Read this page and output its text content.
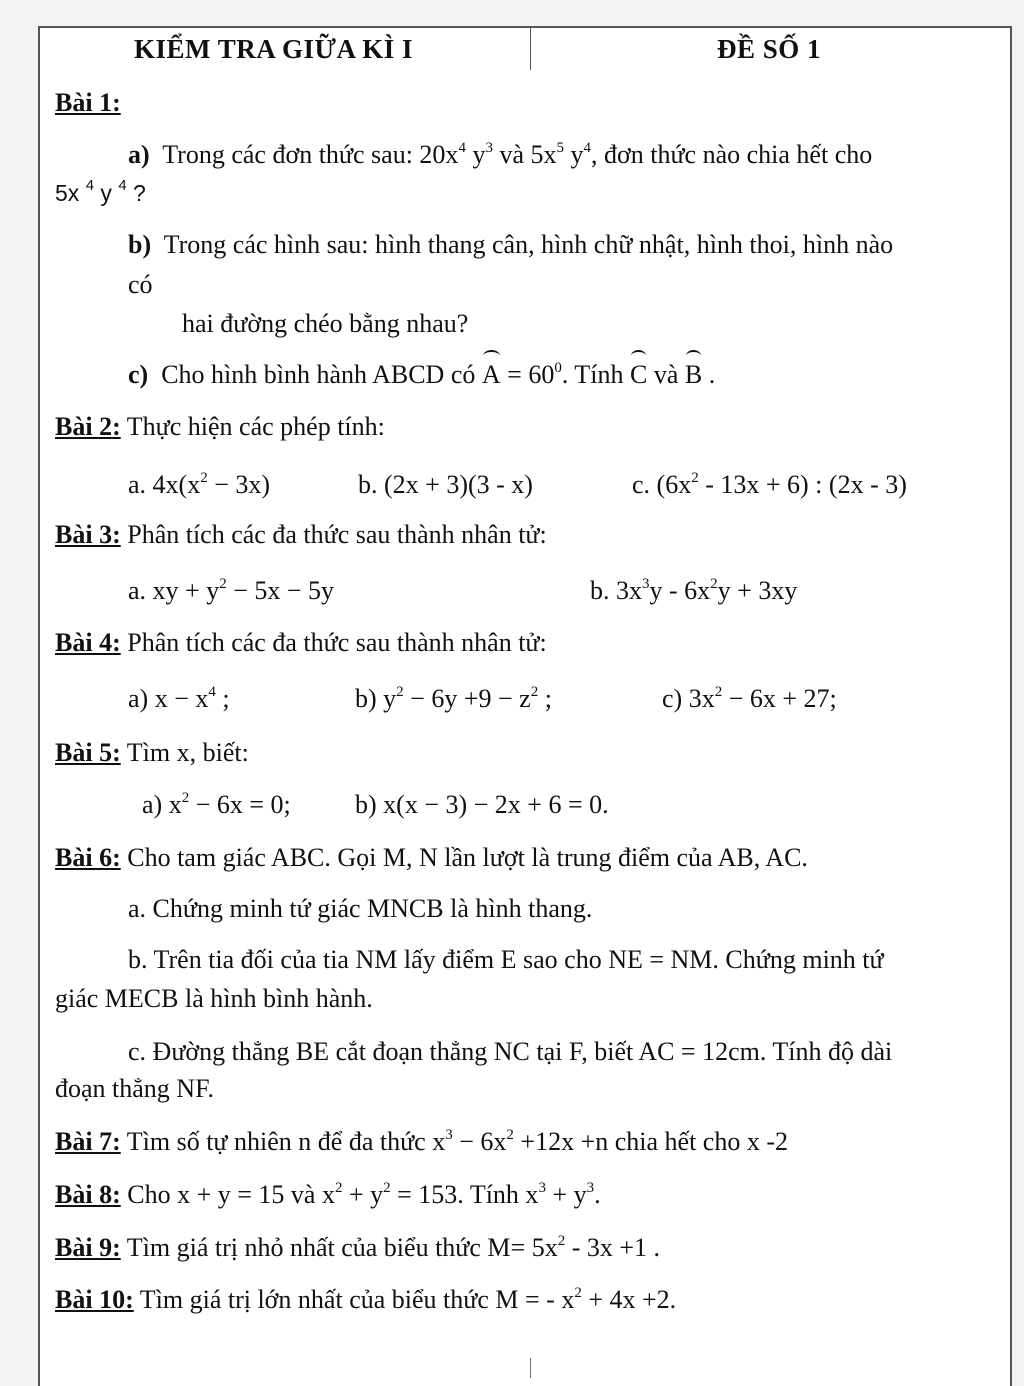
KIỂM TRA GIỮA KÌ I	ĐỀ SỐ 1
Bài 1:
a) Trong các đơn thức sau: $20x^4$ $y^3$ và $5x^5$ $y^4$, đơn thức nào chia hết cho
5x $^4$ y $^4$ ?
b) Trong các hình sau: hình thang cân, hình chữ nhật, hình thoi, hình nào
có
hai đường chéo bằng nhau?
c) Cho hình bình hành ABCD có $A = 60^0$. Tính C và B .
Bài 2: Thực hiện các phép tính:
a. $4x(x^2 - 3x)$	b. (2x + 3)(3 - x)	c. $(6x^2 - 13x + 6)$ : (2x - 3)
Bài 3: Phân tích các đa thức sau thành nhân tử:
a. xy + $y^2 - 5x - 5y$	b. $3x^3y - 6x^2y + 3xy$
Bài 4: Phân tích các đa thức sau thành nhân tử:
a) $x - x^4$ ;	b) $y^2 - 6y +9 - z^2$ ;	c) $3x^2 - 6x + 27$;
Bài 5: Tìm x, biết:
a) $x^2 - 6x = 0$; b) x(x − 3) − 2x + 6 = 0.
Bài 6: Cho tam giác ABC. Gọi M, N lần lượt là trung điểm của AB, AC.
a. Chứng minh tứ giác MNCB là hình thang.
b. Trên tia đối của tia NM lấy điểm E sao cho NE = NM. Chứng minh tứ
giác MECB là hình bình hành.
c. Đường thẳng BE cắt đoạn thẳng NC tại F, biết AC = 12cm. Tính độ dài
đoạn thẳng NF.
Bài 7: Tìm số tự nhiên n để đa thức $x^3 - 6x^2 +12x +n$ chia hết cho x -2
Bài 8: Cho x + y = 15 và $x^2 + y^2 = 153$. Tính $x^3 + y^3$.
Bài 9: Tìm giá trị nhỏ nhất của biểu thức $M= 5x^2 - 3x +1$ .
Bài 10: Tìm giá trị lớn nhất của biểu thức M = - $x^2 + 4x +2$.
